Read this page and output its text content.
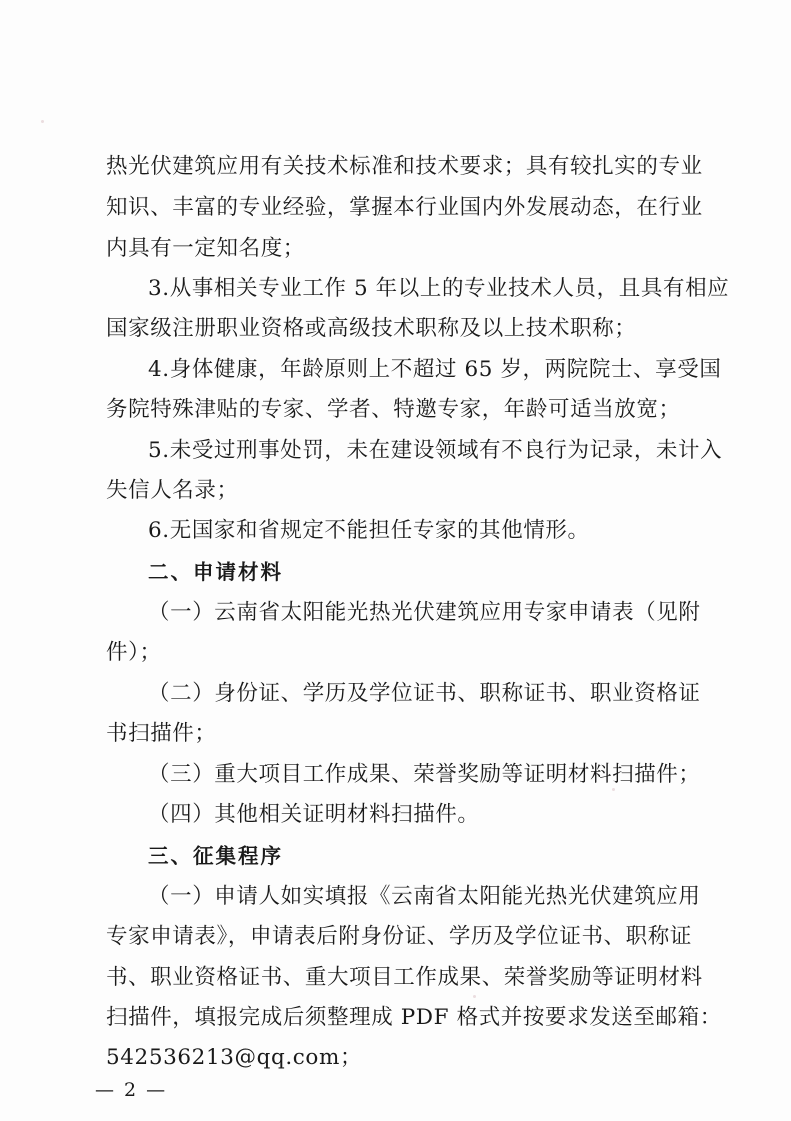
热光伏建筑应用有关技术标准和技术要求；具有较扎实的专业
知识、丰富的专业经验，掌握本行业国内外发展动态，在行业
内具有一定知名度；
3.从事相关专业工作 5 年以上的专业技术人员，且具有相应
国家级注册职业资格或高级技术职称及以上技术职称；
4.身体健康，年龄原则上不超过 65 岁，两院院士、享受国
务院特殊津贴的专家、学者、特邀专家，年龄可适当放宽；
5.未受过刑事处罚，未在建设领域有不良行为记录，未计入
失信人名录；
6.无国家和省规定不能担任专家的其他情形。
二、申请材料
（一）云南省太阳能光热光伏建筑应用专家申请表（见附
件）；
（二）身份证、学历及学位证书、职称证书、职业资格证
书扫描件；
（三）重大项目工作成果、荣誉奖励等证明材料扫描件；
（四）其他相关证明材料扫描件。
三、征集程序
（一）申请人如实填报《云南省太阳能光热光伏建筑应用
专家申请表》，申请表后附身份证、学历及学位证书、职称证
书、职业资格证书、重大项目工作成果、荣誉奖励等证明材料
扫描件，填报完成后须整理成 PDF 格式并按要求发送至邮箱：
542536213@qq.com；
— 2 —
